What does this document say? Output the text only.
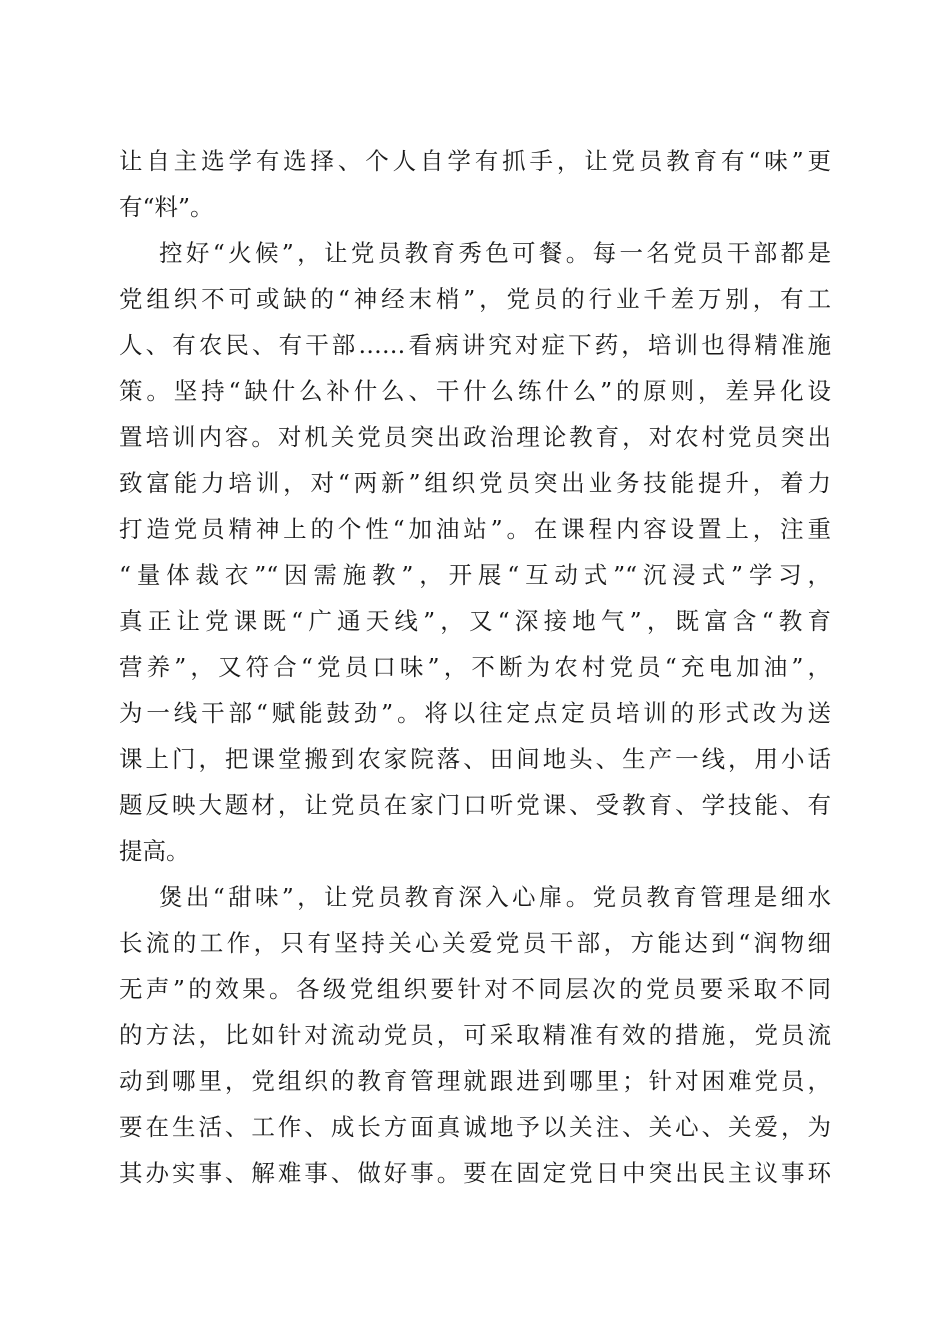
让自主选学有选择、个人自学有抓手，让党员教育有“味”更
有“料”。
控好“火候”，让党员教育秀色可餐。每一名党员干部都是
党组织不可或缺的“神经末梢”，党员的行业千差万别，有工
人、有农民、有干部……看病讲究对症下药，培训也得精准施
策。坚持“缺什么补什么、干什么练什么”的原则，差异化设
置培训内容。对机关党员突出政治理论教育，对农村党员突出
致富能力培训，对“两新”组织党员突出业务技能提升，着力
打造党员精神上的个性“加油站”。在课程内容设置上，注重
“量体裁衣”“因需施教”，开展“互动式”“沉浸式”学习，
真正让党课既“广通天线”，又“深接地气”，既富含“教育
营养”，又符合“党员口味”，不断为农村党员“充电加油”，
为一线干部“赋能鼓劲”。将以往定点定员培训的形式改为送
课上门，把课堂搬到农家院落、田间地头、生产一线，用小话
题反映大题材，让党员在家门口听党课、受教育、学技能、有
提高。
煲出“甜味”，让党员教育深入心扉。党员教育管理是细水
长流的工作，只有坚持关心关爱党员干部，方能达到“润物细
无声”的效果。各级党组织要针对不同层次的党员要采取不同
的方法，比如针对流动党员，可采取精准有效的措施，党员流
动到哪里，党组织的教育管理就跟进到哪里；针对困难党员，
要在生活、工作、成长方面真诚地予以关注、关心、关爱，为
其办实事、解难事、做好事。要在固定党日中突出民主议事环
